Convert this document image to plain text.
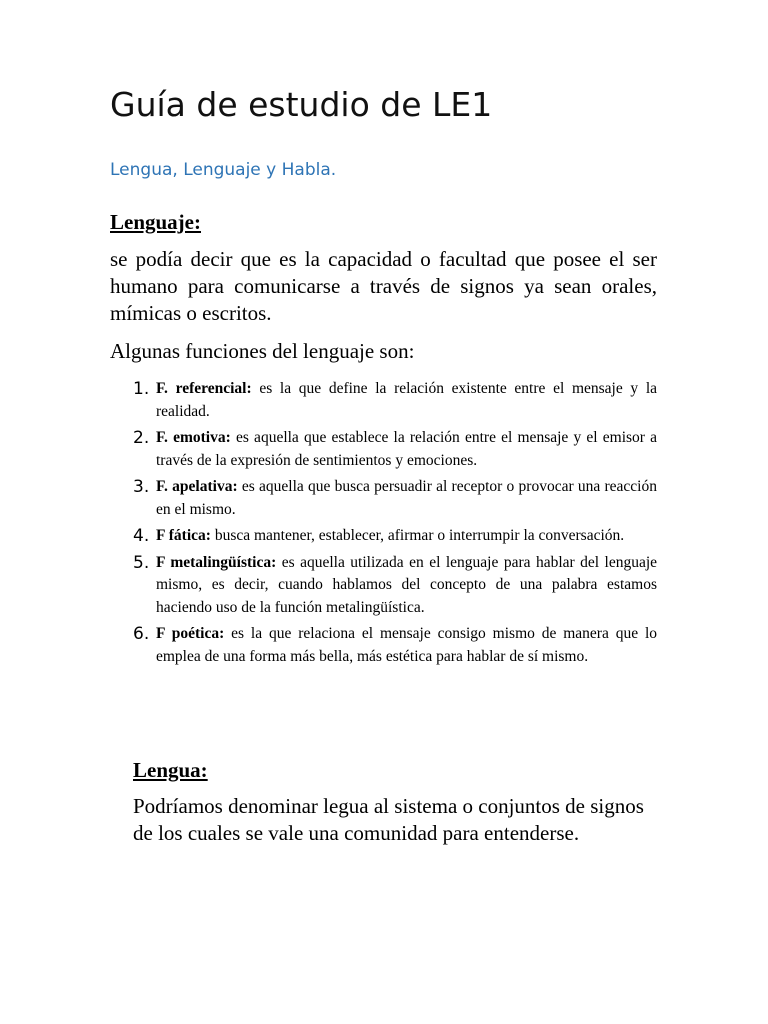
Guía de estudio de LE1
Lengua, Lenguaje y Habla.
Lenguaje:

se podía decir que es la capacidad o facultad que posee el ser humano para comunicarse a través de signos ya sean orales, mímicas o escritos.

Algunas funciones del lenguaje son:

1. F. referencial: es la que define la relación existente entre el mensaje y la realidad.
2. F. emotiva: es aquella que establece la relación entre el mensaje y el emisor a través de la expresión de sentimientos y emociones.
3. F. apelativa: es aquella que busca persuadir al receptor o provocar una reacción en el mismo.
4. F fática: busca mantener, establecer, afirmar o interrumpir la conversación.
5. F metalingüística: es aquella utilizada en el lenguaje para hablar del lenguaje mismo, es decir, cuando hablamos del concepto de una palabra estamos haciendo uso de la función metalingüística.
6. F poética: es la que relaciona el mensaje consigo mismo de manera que lo emplea de una forma más bella, más estética para hablar de sí mismo.
Lengua:

Podríamos denominar legua al sistema o conjuntos de signos de los cuales se vale una comunidad para entenderse.
